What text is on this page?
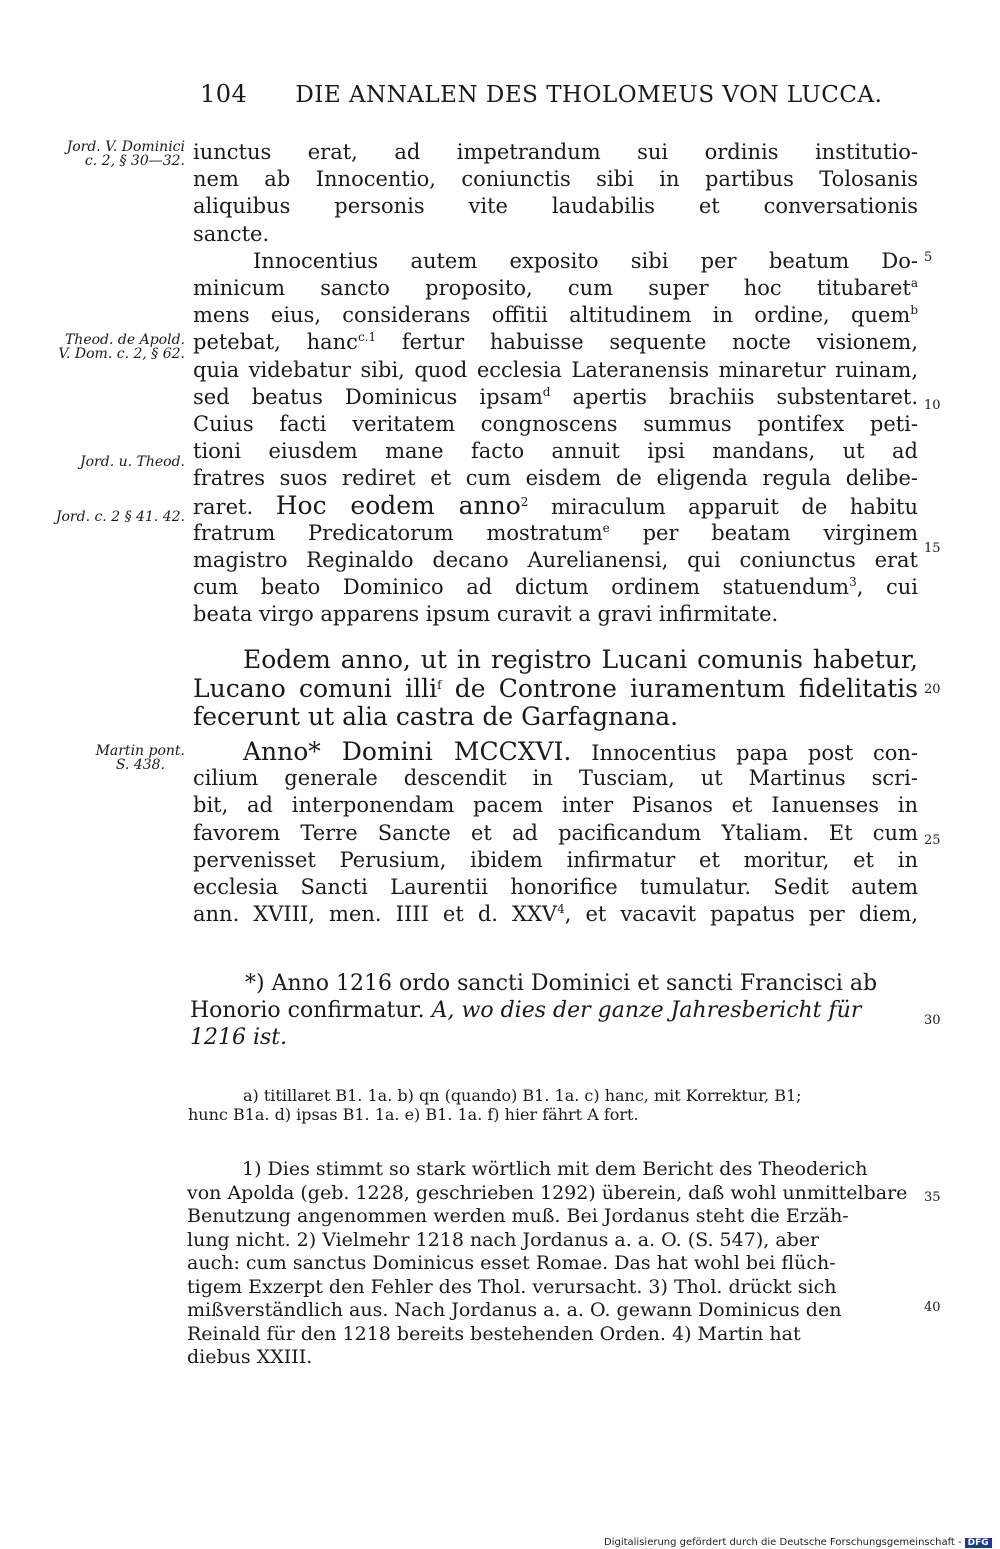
104 DIE ANNALEN DES THOLOMEUS VON LUCCA.
iunctus erat, ad impetrandum sui ordinis institutio-
nem ab Innocentio, coniunctis sibi in partibus Tolosanis
aliquibus personis vite laudabilis et conversationis
sancte.
Innocentius autem exposito sibi per beatum Do-
minicum sancto proposito, cum super hoc titubaret$^a$
mens eius, considerans offitii altitudinem in ordine, quem$^b$
petebat, hanc$^{c.1}$ fertur habuisse sequente nocte visionem,
quia videbatur sibi, quod ecclesia Lateranensis minaretur ruinam,
sed beatus Dominicus ipsam$^d$ apertis brachiis substentaret.
Cuius facti veritatem congnoscens summus pontifex peti-
tioni eiusdem mane facto annuit ipsi mandans, ut ad
fratres suos rediret et cum eisdem de eligenda regula delibe-
raret. Hoc eodem anno$^2$ miraculum apparuit de habitu
fratrum Predicatorum mostratum$^e$ per beatam virginem
magistro Reginaldo decano Aurelianensi, qui coniunctus erat
cum beato Dominico ad dictum ordinem statuendum$^3$, cui
beata virgo apparens ipsum curavit a gravi infirmitate.
Eodem anno, ut in registro Lucani comunis habetur,
Lucano comuni illi$^f$ de Controne iuramentum fidelitatis
fecerunt ut alia castra de Garfagnana.
Anno* Domini MCCXVI. Innocentius papa post con-
cilium generale descendit in Tusciam, ut Martinus scri-
bit, ad interponendam pacem inter Pisanos et Ianuenses in
favorem Terre Sancte et ad pacificandum Ytaliam. Et cum
pervenisset Perusium, ibidem infirmatur et moritur, et in
ecclesia Sancti Laurentii honorifice tumulatur. Sedit autem
ann. XVIII, men. IIII et d. XXV$^4$, et vacavit papatus per diem,
*) Anno 1216 ordo sancti Dominici et sancti Francisci ab
Honorio confirmatur. A, wo dies der ganze Jahresbericht für
1216 ist.
a) titillaret B1. 1a. b) qn (quando) B1. 1a. c) hanc, mit Korrektur, B1;
hunc B1a. d) ipsas B1. 1a. e) B1. 1a. f) hier fährt A fort.
1) Dies stimmt so stark wörtlich mit dem Bericht des Theoderich
von Apolda (geb. 1228, geschrieben 1292) überein, daß wohl unmittelbare
Benutzung angenommen werden muß. Bei Jordanus steht die Erzäh-
lung nicht. 2) Vielmehr 1218 nach Jordanus a. a. O. (S. 547), aber
auch: cum sanctus Dominicus esset Romae. Das hat wohl bei flüch-
tigem Exzerpt den Fehler des Thol. verursacht. 3) Thol. drückt sich
mißverständlich aus. Nach Jordanus a. a. O. gewann Dominicus den
Reinald für den 1218 bereits bestehenden Orden. 4) Martin hat
diebus XXIII.
Jord. V. Dominici
c. 2, § 30—32.
Theod. de Apold.
V. Dom. c. 2, § 62.
Jord. u. Theod.
Jord. c. 2 § 41. 42.
Martin pont.
S. 438.
5
10
15
20
25
30
35
40
Digitalisierung gefördert durch die Deutsche Forschungsgemeinschaft - DFG
